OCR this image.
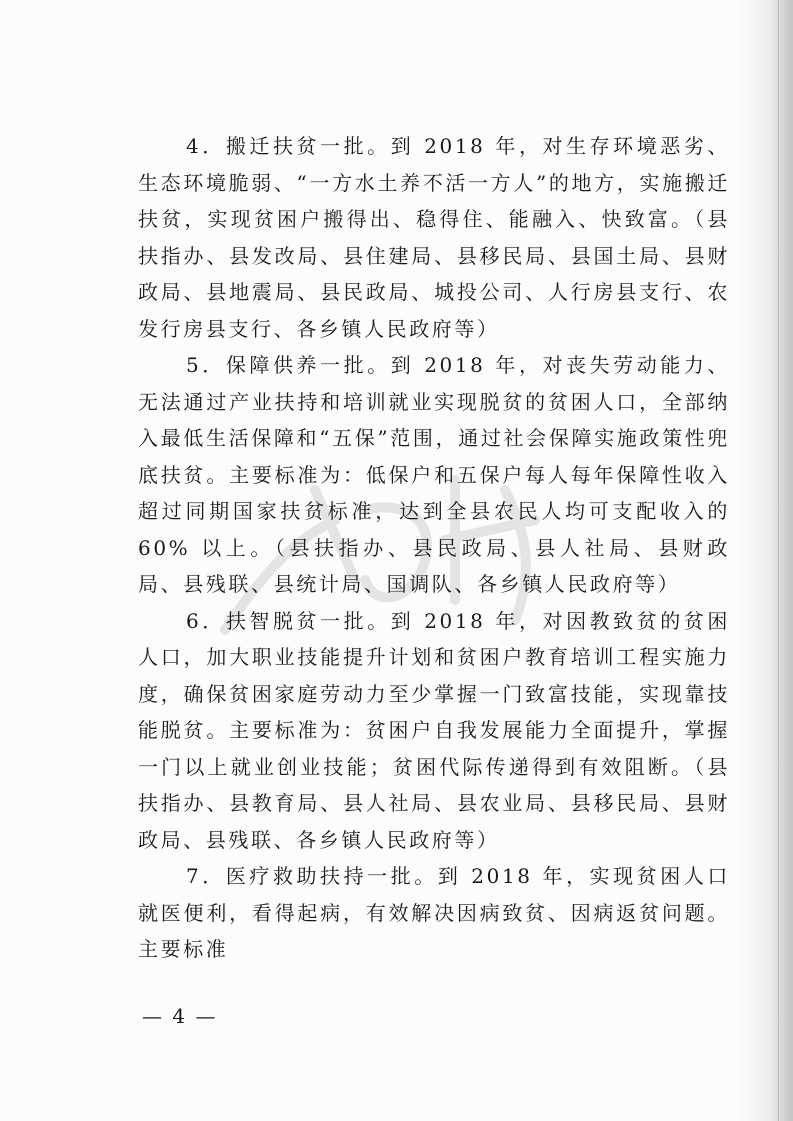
4．搬迁扶贫一批。到 2018 年，对生存环境恶劣、生态环境脆弱、“一方水土养不活一方人”的地方，实施搬迁扶贫，实现贫困户搬得出、稳得住、能融入、快致富。（县扶指办、县发改局、县住建局、县移民局、县国土局、县财政局、县地震局、县民政局、城投公司、人行房县支行、农发行房县支行、各乡镇人民政府等）

5．保障供养一批。到 2018 年，对丧失劳动能力、无法通过产业扶持和培训就业实现脱贫的贫困人口，全部纳入最低生活保障和“五保”范围，通过社会保障实施政策性兜底扶贫。主要标准为：低保户和五保户每人每年保障性收入超过同期国家扶贫标准，达到全县农民人均可支配收入的 60% 以上。（县扶指办、县民政局、县人社局、县财政局、县残联、县统计局、国调队、各乡镇人民政府等）

6．扶智脱贫一批。到 2018 年，对因教致贫的贫困人口，加大职业技能提升计划和贫困户教育培训工程实施力度，确保贫困家庭劳动力至少掌握一门致富技能，实现靠技能脱贫。主要标准为：贫困户自我发展能力全面提升，掌握一门以上就业创业技能；贫困代际传递得到有效阻断。（县扶指办、县教育局、县人社局、县农业局、县移民局、县财政局、县残联、各乡镇人民政府等）

7．医疗救助扶持一批。到 2018 年，实现贫困人口就医便利，看得起病，有效解决因病致贫、因病返贫问题。主要标准

— 4 —
